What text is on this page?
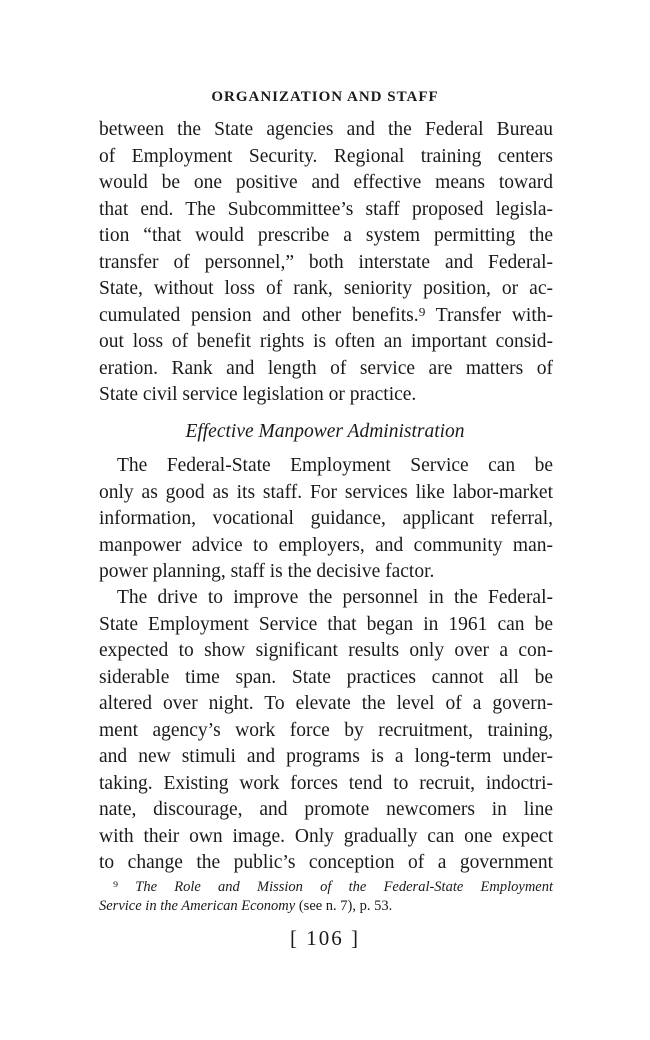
ORGANIZATION AND STAFF
between the State agencies and the Federal Bureau
of Employment Security. Regional training centers
would be one positive and effective means toward
that end. The Subcommittee’s staff proposed legisla-
tion “that would prescribe a system permitting the
transfer of personnel,” both interstate and Federal-
State, without loss of rank, seniority position, or ac-
cumulated pension and other benefits.⁹ Transfer with-
out loss of benefit rights is often an important consid-
eration. Rank and length of service are matters of
State civil service legislation or practice.
Effective Manpower Administration
The Federal-State Employment Service can be
only as good as its staff. For services like labor-market
information, vocational guidance, applicant referral,
manpower advice to employers, and community man-
power planning, staff is the decisive factor.
The drive to improve the personnel in the Federal-
State Employment Service that began in 1961 can be
expected to show significant results only over a con-
siderable time span. State practices cannot all be
altered over night. To elevate the level of a govern-
ment agency’s work force by recruitment, training,
and new stimuli and programs is a long-term under-
taking. Existing work forces tend to recruit, indoctri-
nate, discourage, and promote newcomers in line
with their own image. Only gradually can one expect
to change the public’s conception of a government
⁹ The Role and Mission of the Federal-State Employment
Service in the American Economy (see n. 7), p. 53.
[ 106 ]
